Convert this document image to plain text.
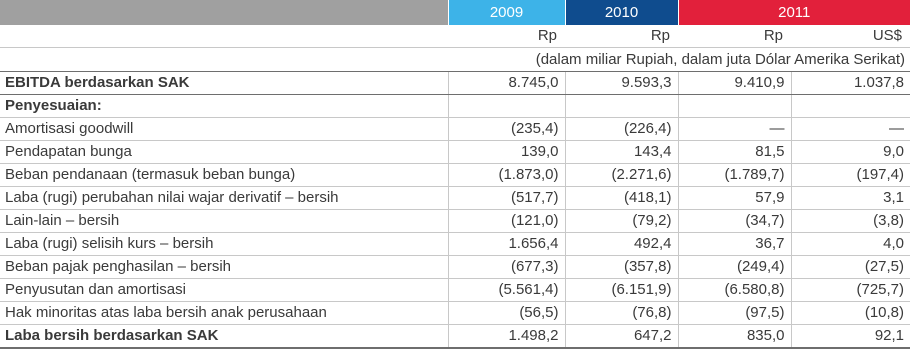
	2009	2010	2011	
	Rp	Rp	Rp	US$
	(dalam miliar Rupiah, dalam juta Dólar Amerika Serikat)			
EBITDA berdasarkan SAK	8.745,0	9.593,3	9.410,9	1.037,8
Penyesuaian:				
Amortisasi goodwill	(235,4)	(226,4)	—	—
Pendapatan bunga	139,0	143,4	81,5	9,0
Beban pendanaan (termasuk beban bunga)	(1.873,0)	(2.271,6)	(1.789,7)	(197,4)
Laba (rugi) perubahan nilai wajar derivatif – bersih	(517,7)	(418,1)	57,9	3,1
Lain-lain – bersih	(121,0)	(79,2)	(34,7)	(3,8)
Laba (rugi) selisih kurs – bersih	1.656,4	492,4	36,7	4,0
Beban pajak penghasilan – bersih	(677,3)	(357,8)	(249,4)	(27,5)
Penyusutan dan amortisasi	(5.561,4)	(6.151,9)	(6.580,8)	(725,7)
Hak minoritas atas laba bersih anak perusahaan	(56,5)	(76,8)	(97,5)	(10,8)
Laba bersih berdasarkan SAK	1.498,2	647,2	835,0	92,1
